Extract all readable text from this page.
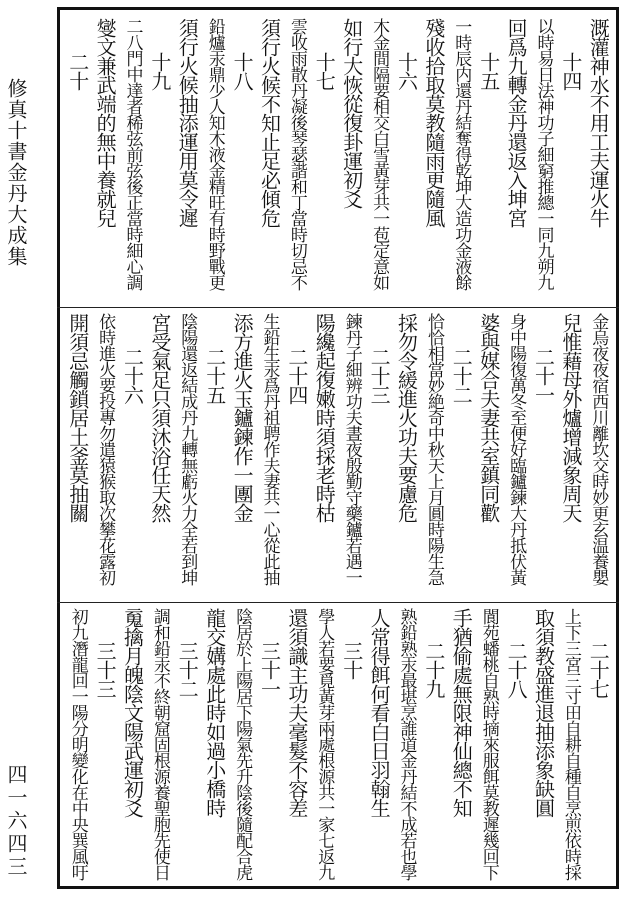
修真十書金丹大成集
四一六四三
溉灌神水不用工夫運火牛
十四
以時易日法神功子細窮推總一同九朔九
回爲九轉金丹還返入坤宮
十五
一時辰内還丹結奪得乾坤大造功金液餘
殘收拾取莫教隨雨更隨風
十六
木金間隔要相交白雪黃芽共一苞定意如
如行大恢從復卦運初爻
十七
雲收雨散丹凝後琴瑟諧和丁當時切忌不
須行火候不知止足必傾危
十八
鉛爐汞鼎少人知木液金精旺有時野戰更
須行火候抽添運用莫令遲
十九
二八門中達者稀弦前弦後正當時細心調
燮文兼武端的無中養就兒
二十
金烏夜夜宿西川離坎交時妙更玄温養嬰
兒惟藉母外爐增減象周天
二十一
身中陽復萬冬至便好臨鑪鍊大丹抵伏黃
婆與媒合夫妻共室鎮同歡
二十二
恰恰相當妙絶奇中秋天上月圓時陽生急
採勿令緩進火功夫要慮危
二十三
鍊丹子細辨功夫晝夜殷勤守藥鑪若遇一
陽纔起復嫩時須採老時枯
二十四
生鉛生汞爲丹祖聘作夫妻共一心從此抽
添方進火玉鑪鍊作一團金
二十五
陰陽還返結成丹九轉無虧火力全若到坤
宮受氣足只須沐浴任天然
二十六
依時進火要投專勿遣猿猴取次攀花露初
開須忌觸鎖居土釜莫抽關
二十七
上下三宮三寸田自耕自種自烹煎依時採
取須教盛進退抽添象缺圓
二十八
閬苑蟠桃自熟時摘來服餌莫教遲幾回下
手猶偷處無限神仙總不知
二十九
熟鉛熟汞最堪烹誰道金丹結不成若也學
人常得餌何看白日羽翰生
三十
學人若要覓黃芽兩處根源共一家七返九
還須識主功夫毫髮不容差
三十一
陰居於上陽居下陽氣先升陰後隨配合虎
龍交媾處此時如過小橋時
三十二
調和鉛汞不終朝窟固根源養聖胞先使日
䰟擒月魄陰文陽武運初爻
三十三
初九潛龍回一陽分明變化在中央巽風吁
